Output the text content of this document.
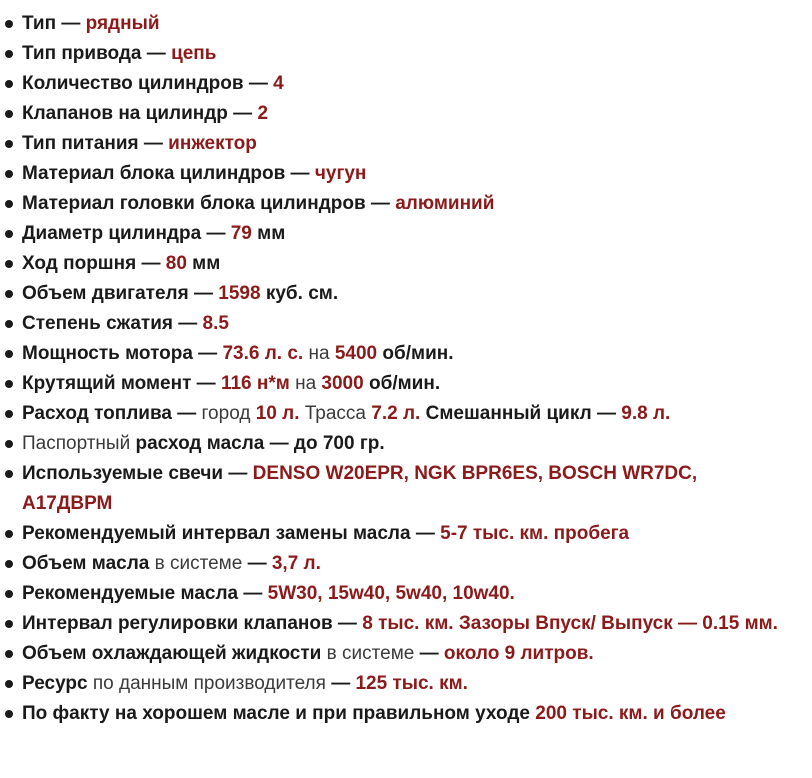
Тип — рядный
Тип привода — цепь
Количество цилиндров — 4
Клапанов на цилиндр — 2
Тип питания — инжектор
Материал блока цилиндров — чугун
Материал головки блока цилиндров — алюминий
Диаметр цилиндра — 79 мм
Ход поршня — 80 мм
Объем двигателя — 1598 куб. см.
Степень сжатия — 8.5
Мощность мотора — 73.6 л. с. на 5400 об/мин.
Крутящий момент — 116 н*м на 3000 об/мин.
Расход топлива — город 10 л. Трасса 7.2 л. Смешанный цикл — 9.8 л.
Паспортный расход масла — до 700 гр.
Используемые свечи — DENSO W20EPR, NGK BPR6ES, BOSCH WR7DC, А17ДВРМ
Рекомендуемый интервал замены масла — 5-7 тыс. км. пробега
Объем масла в системе — 3,7 л.
Рекомендуемые масла — 5W30, 15w40, 5w40, 10w40.
Интервал регулировки клапанов — 8 тыс. км. Зазоры Впуск/ Выпуск — 0.15 мм.
Объем охлаждающей жидкости в системе — около 9 литров.
Ресурс по данным производителя — 125 тыс. км.
По факту на хорошем масле и при правильном уходе 200 тыс. км. и более
